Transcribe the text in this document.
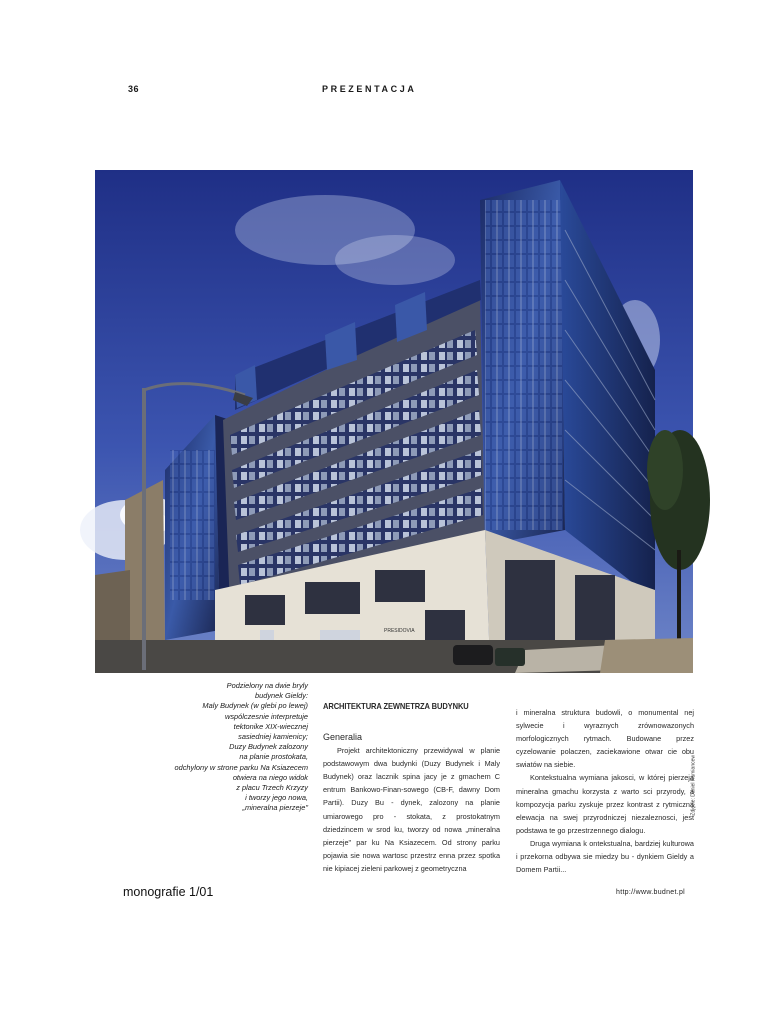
36	PREZENTACJA
PRESIDOVIA
Zdjęcie: Daniel Rumiancew
Podzielony na dwie bryly
budynek Gieldy:
Maly Budynek (w glebi po lewej)
wspólczesnie interpretuje
tektonike XIX-wiecznej
sasiedniej kamienicy;
Duzy Budynek zalozony
na planie prostokata,
odchylony w strone parku Na Ksiazecem
otwiera na niego widok
z placu Trzech Krzyzy
i tworzy jego nowa,
„mineralna pierzeje"
ARCHITEKTURA ZEWNETRZA BUDYNKU
Generalia

Projekt architektoniczny przewidywal w planie podstawowym dwa budynki (Duzy Budynek i Maly Budynek) oraz lacznik spina jacy je z gmachem C entrum Bankowo-Finan-sowego (CB-F, dawny Dom Partii). Duzy Bu - dynek, zalozony na planie umiarowego pro - stokata, z prostokatnym dziedzincem w srod ku, tworzy od nowa „mineralna pierzeje" par ku Na Ksiazecem. Od strony parku pojawia sie nowa wartosc przestrz enna przez spotka nie kipiacej zieleni parkowej z geometryczna

i mineralna struktura budowli, o monumental nej sylwecie i wyraznych zrównowazonych morfologicznych rytmach. Budowane przez cyzelowanie polaczen, zaciekawione otwar cie obu swiatów na siebie.

Kontekstualna wymiana jakosci, w której pierzeja mineralna gmachu korzysta z warto sci przyrody, a kompozycja parku zyskuje przez kontrast z rytmiczna elewacja na swej przyrodniczej niezaleznosci, jest podstawa te go przestrzennego dialogu.

Druga wymiana k ontekstualna, bardziej kulturowa i przekorna odbywa sie miedzy bu - dynkiem Gieldy a Domem Partii...

monografie 1/01	http://www.budnet.pl
